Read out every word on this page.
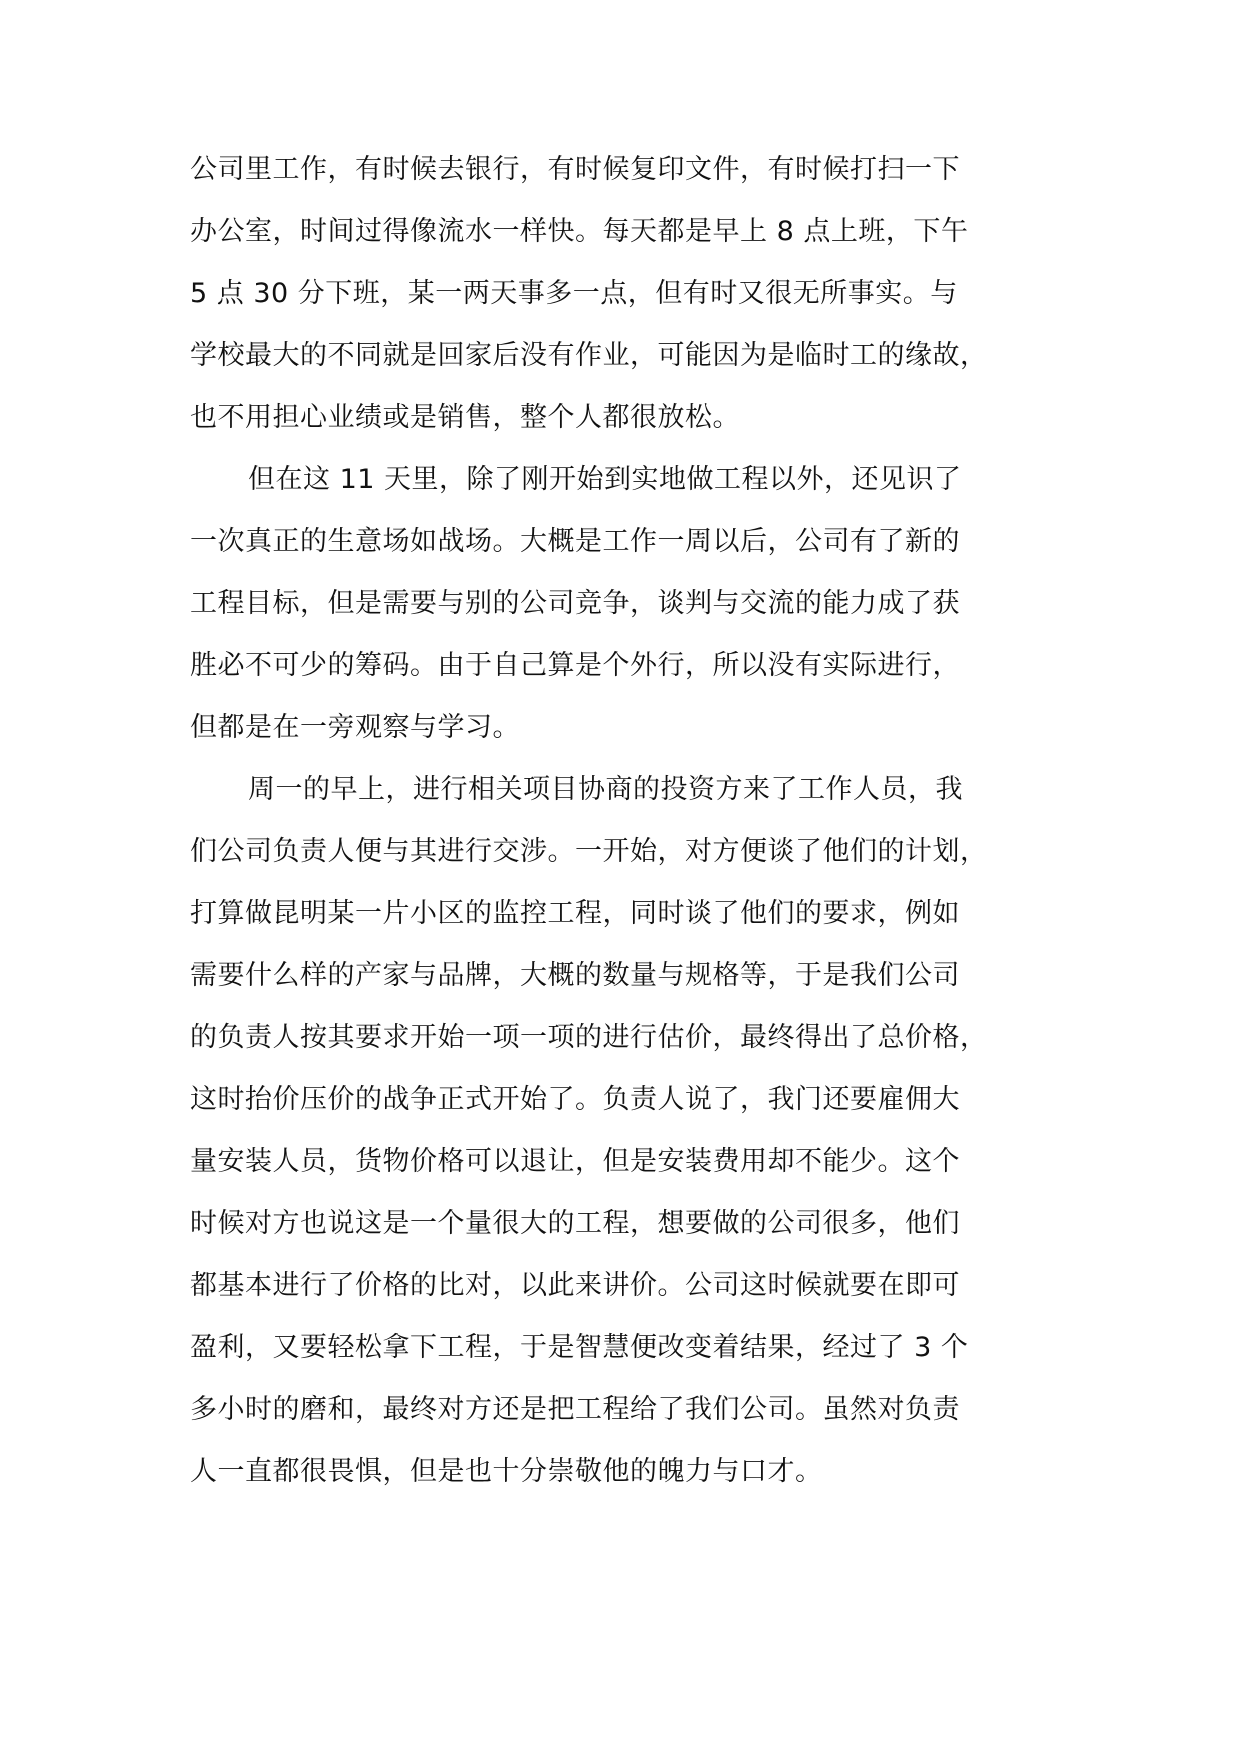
公司里工作，有时候去银行，有时候复印文件，有时候打扫一下
办公室，时间过得像流水一样快。每天都是早上 8 点上班，下午
5 点 30 分下班，某一两天事多一点，但有时又很无所事实。与
学校最大的不同就是回家后没有作业，可能因为是临时工的缘故，
也不用担心业绩或是销售，整个人都很放松。
但在这 11 天里，除了刚开始到实地做工程以外，还见识了
一次真正的生意场如战场。大概是工作一周以后，公司有了新的
工程目标，但是需要与别的公司竞争，谈判与交流的能力成了获
胜必不可少的筹码。由于自己算是个外行，所以没有实际进行，
但都是在一旁观察与学习。
周一的早上，进行相关项目协商的投资方来了工作人员，我
们公司负责人便与其进行交涉。一开始，对方便谈了他们的计划，
打算做昆明某一片小区的监控工程，同时谈了他们的要求，例如
需要什么样的产家与品牌，大概的数量与规格等，于是我们公司
的负责人按其要求开始一项一项的进行估价，最终得出了总价格，
这时抬价压价的战争正式开始了。负责人说了，我门还要雇佣大
量安装人员，货物价格可以退让，但是安装费用却不能少。这个
时候对方也说这是一个量很大的工程，想要做的公司很多，他们
都基本进行了价格的比对，以此来讲价。公司这时候就要在即可
盈利，又要轻松拿下工程，于是智慧便改变着结果，经过了 3 个
多小时的磨和，最终对方还是把工程给了我们公司。虽然对负责
人一直都很畏惧，但是也十分崇敬他的魄力与口才。
